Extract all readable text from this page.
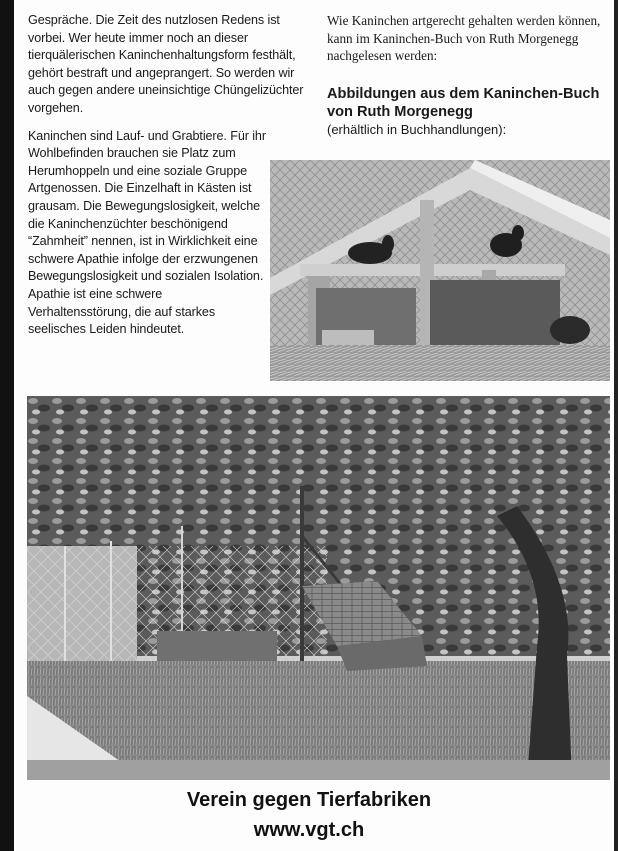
Gespräche. Die Zeit des nutzlosen Redens ist vorbei. Wer heute immer noch an dieser tierquälerischen Kaninchenhaltungsform festhält, gehört bestraft und angeprangert. So werden wir auch gegen andere uneinsichtige Chüngelizüchter vorgehen.

Kaninchen sind Lauf- und Grabtiere. Für ihr Wohlbefinden brauchen sie Platz zum Herumhoppeln und eine soziale Gruppe Artgenossen. Die Einzelhaft in Kästen ist grausam. Die Bewegungslosigkeit, welche die Kaninchenzüchter beschönigend “Zahmheit” nennen, ist in Wirklichkeit eine schwere Apathie infolge der erzwungenen Bewegungslosigkeit und sozialen Isolation. Apathie ist eine schwere Verhaltensstörung, die auf starkes seelisches Leiden hindeutet.

Wie Kaninchen artgerecht gehalten werden können, kann im Kaninchen-Buch von Ruth Morgenegg nachgelesen werden:

Abbildungen aus dem Kaninchen-Buch von Ruth Morgenegg
(erhältlich in Buchhandlungen):
Verein gegen Tierfabriken
www.vgt.ch
